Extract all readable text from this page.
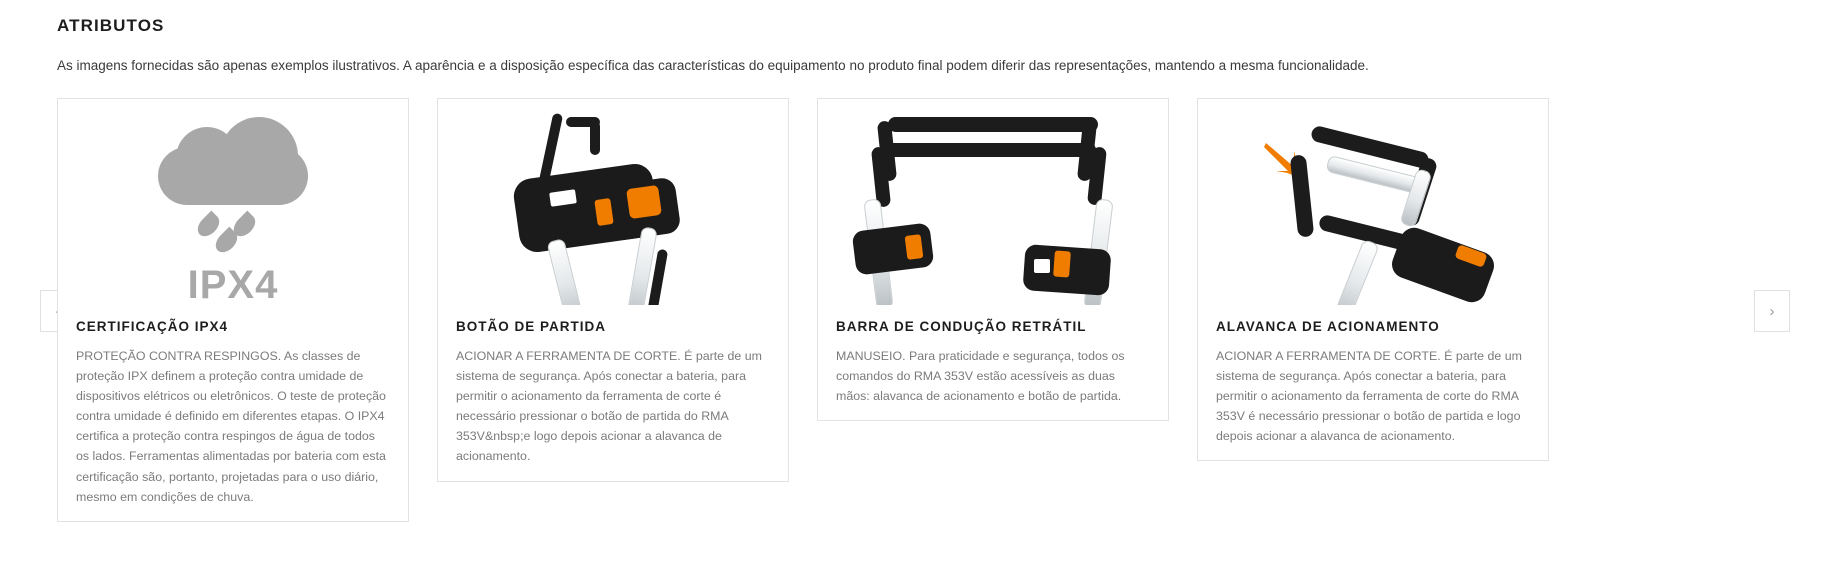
ATRIBUTOS
As imagens fornecidas são apenas exemplos ilustrativos. A aparência e a disposição específica das características do equipamento no produto final podem diferir das representações, mantendo a mesma funcionalidade.
›
IPX4
CERTIFICAÇÃO IPX4
PROTEÇÃO CONTRA RESPINGOS. As classes de proteção IPX definem a proteção contra umidade de dispositivos elétricos ou eletrônicos. O teste de proteção contra umidade é definido em diferentes etapas. O IPX4 certifica a proteção contra respingos de água de todos os lados. Ferramentas alimentadas por bateria com esta certificação são, portanto, projetadas para o uso diário, mesmo em condições de chuva.
BOTÃO DE PARTIDA
ACIONAR A FERRAMENTA DE CORTE. É parte de um sistema de segurança. Após conectar a bateria, para permitir o acionamento da ferramenta de corte é necessário pressionar o botão de partida do RMA 353V&nbsp;e logo depois acionar a alavanca de acionamento.
BARRA DE CONDUÇÃO RETRÁTIL
MANUSEIO. Para praticidade e segurança, todos os comandos do RMA 353V estão acessíveis as duas mãos: alavanca de acionamento e botão de partida.
ALAVANCA DE ACIONAMENTO
ACIONAR A FERRAMENTA DE CORTE. É parte de um sistema de segurança. Após conectar a bateria, para permitir o acionamento da ferramenta de corte do RMA 353V é necessário pressionar o botão de partida e logo depois acionar a alavanca de acionamento.
